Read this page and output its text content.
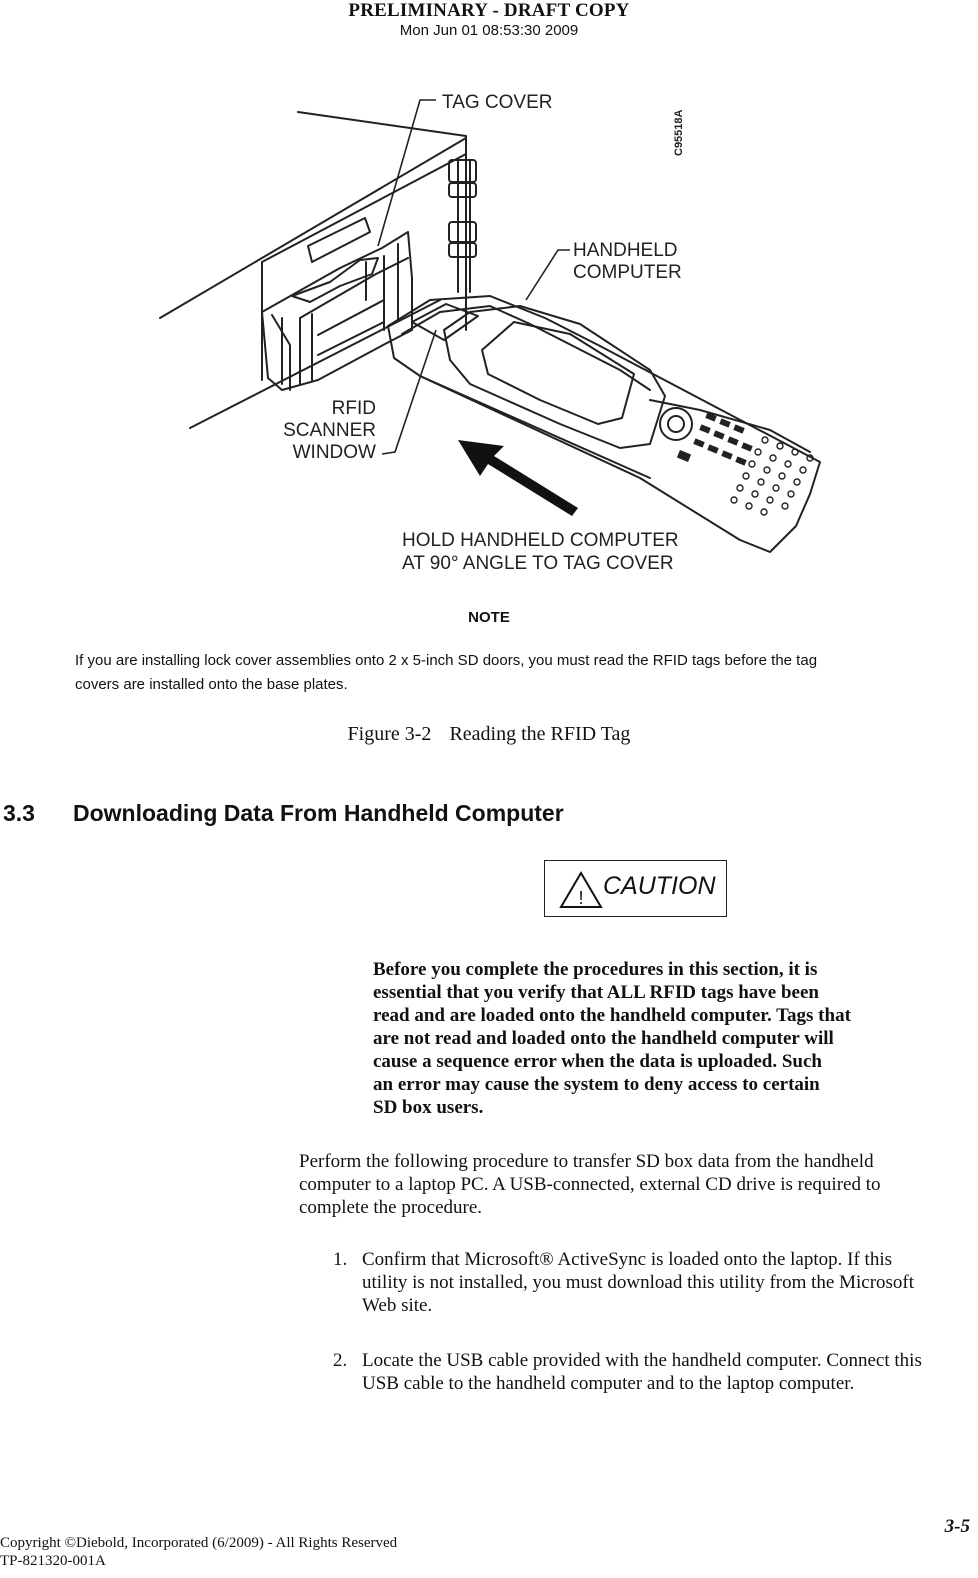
PRELIMINARY - DRAFT COPY
Mon Jun 01 08:53:30 2009
TAG COVER
HANDHELD
COMPUTER
RFID
SCANNER
WINDOW
HOLD HANDHELD COMPUTER
AT 90° ANGLE TO TAG COVER
C95518A
NOTE
If you are installing lock cover assemblies onto 2 x 5-inch SD doors, you must read the RFID tags before the tag
covers are installed onto the base plates.
Figure 3-2 Reading the RFID Tag
3.3 Downloading Data From Handheld Computer
! CAUTION
Before you complete the procedures in this section, it is
essential that you verify that ALL RFID tags have been
read and are loaded onto the handheld computer. Tags that
are not read and loaded onto the handheld computer will
cause a sequence error when the data is uploaded. Such
an error may cause the system to deny access to certain
SD box users.
Perform the following procedure to transfer SD box data from the handheld
computer to a laptop PC. A USB-connected, external CD drive is required to
complete the procedure.
1. Confirm that Microsoft® ActiveSync is loaded onto the laptop. If this
utility is not installed, you must download this utility from the Microsoft
Web site.
2. Locate the USB cable provided with the handheld computer. Connect this
USB cable to the handheld computer and to the laptop computer.
3-5
Copyright ©Diebold, Incorporated (6/2009) - All Rights Reserved
TP-821320-001A
